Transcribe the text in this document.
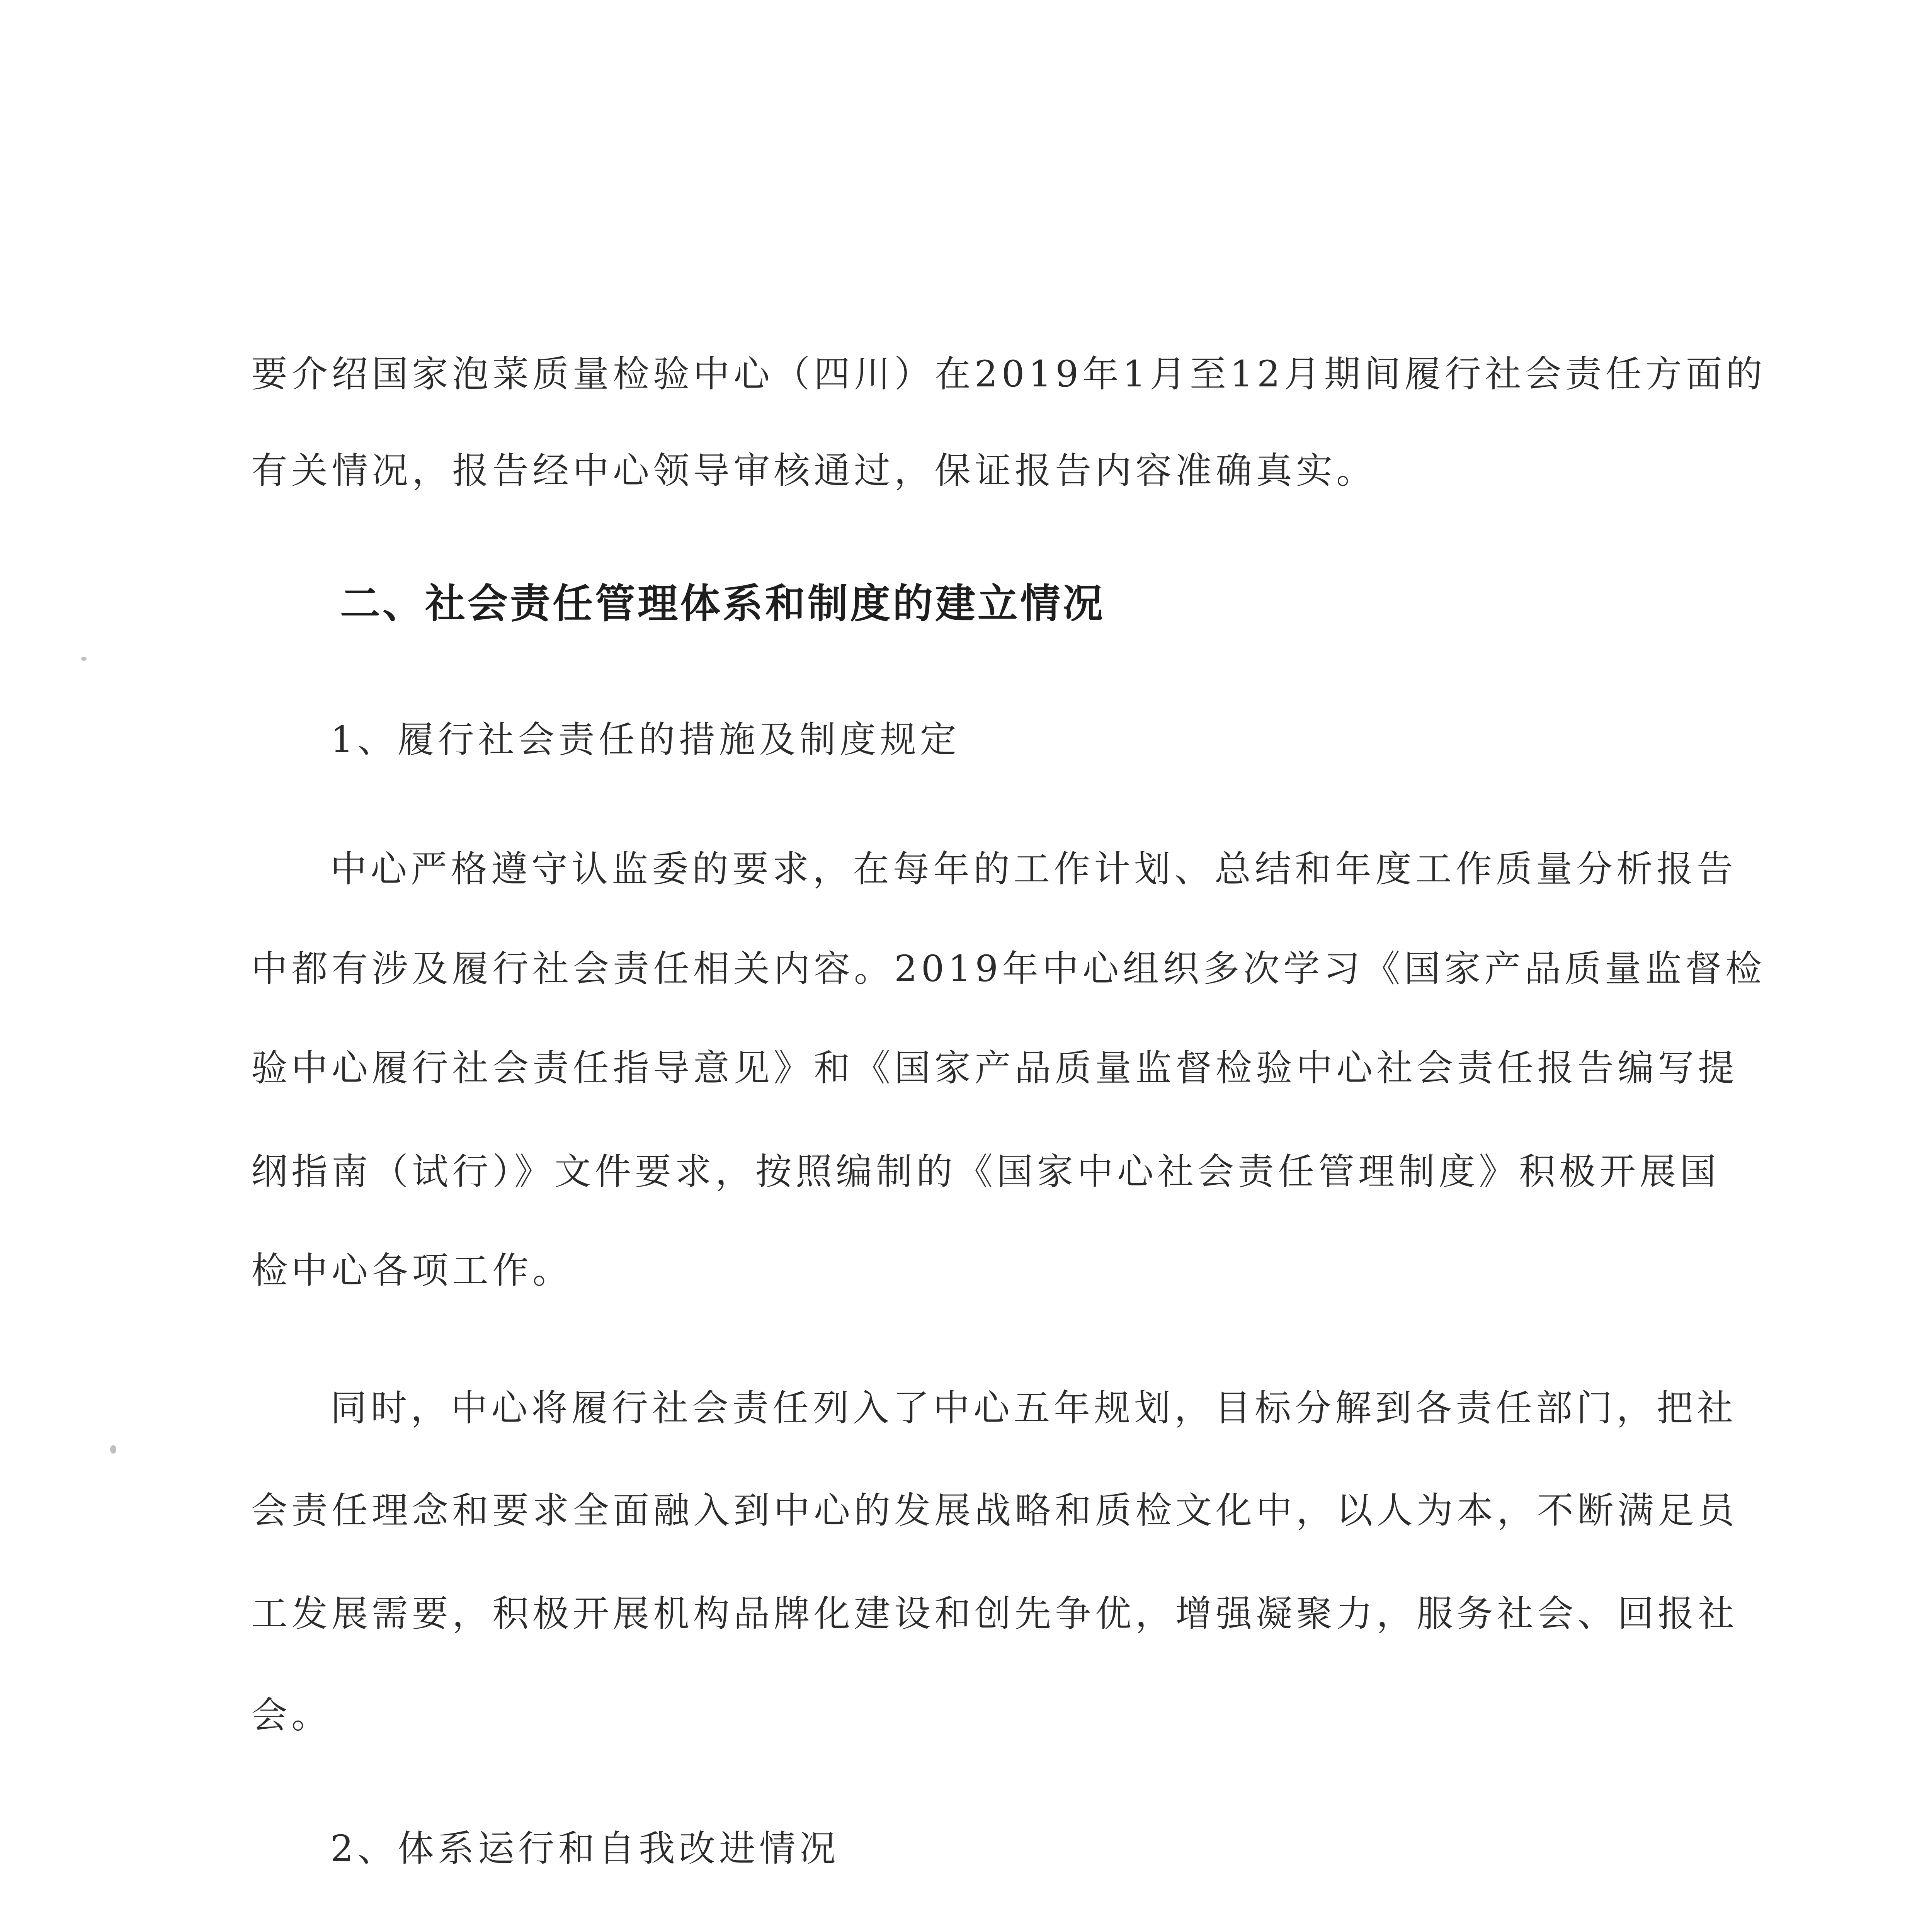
要介绍国家泡菜质量检验中心（四川）在2019年1月至12月期间履行社会责任方面的
有关情况，报告经中心领导审核通过，保证报告内容准确真实。
二、社会责任管理体系和制度的建立情况
1、履行社会责任的措施及制度规定
中心严格遵守认监委的要求，在每年的工作计划、总结和年度工作质量分析报告
中都有涉及履行社会责任相关内容。2019年中心组织多次学习《国家产品质量监督检
验中心履行社会责任指导意见》和《国家产品质量监督检验中心社会责任报告编写提
纲指南（试行）》文件要求，按照编制的《国家中心社会责任管理制度》积极开展国
检中心各项工作。
同时，中心将履行社会责任列入了中心五年规划，目标分解到各责任部门，把社
会责任理念和要求全面融入到中心的发展战略和质检文化中，以人为本，不断满足员
工发展需要，积极开展机构品牌化建设和创先争优，增强凝聚力，服务社会、回报社
会。
2、体系运行和自我改进情况
